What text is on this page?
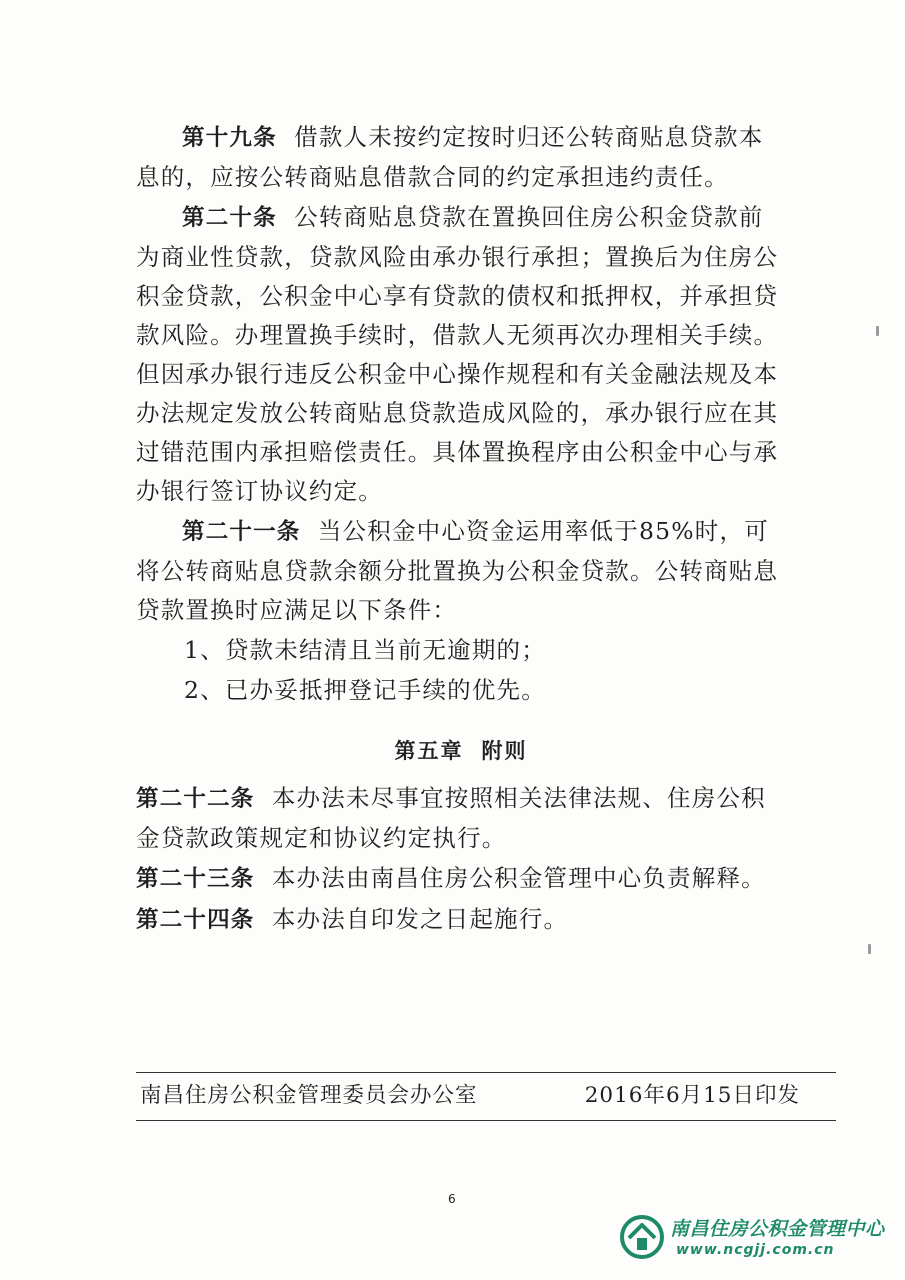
第十九条 借款人未按约定按时归还公转商贴息贷款本息的，应按公转商贴息借款合同的约定承担违约责任。

第二十条 公转商贴息贷款在置换回住房公积金贷款前为商业性贷款，贷款风险由承办银行承担；置换后为住房公积金贷款，公积金中心享有贷款的债权和抵押权，并承担贷款风险。办理置换手续时，借款人无须再次办理相关手续。但因承办银行违反公积金中心操作规程和有关金融法规及本办法规定发放公转商贴息贷款造成风险的，承办银行应在其过错范围内承担赔偿责任。具体置换程序由公积金中心与承办银行签订协议约定。

第二十一条 当公积金中心资金运用率低于85%时，可将公转商贴息贷款余额分批置换为公积金贷款。公转商贴息贷款置换时应满足以下条件：

1、贷款未结清且当前无逾期的；

2、已办妥抵押登记手续的优先。

第五章 附则

第二十二条 本办法未尽事宜按照相关法律法规、住房公积金贷款政策规定和协议约定执行。

第二十三条 本办法由南昌住房公积金管理中心负责解释。

第二十四条 本办法自印发之日起施行。

南昌住房公积金管理委员会办公室	2016年6月15日印发
6
南昌住房公积金管理中心
www.ncgjj.com.cn
